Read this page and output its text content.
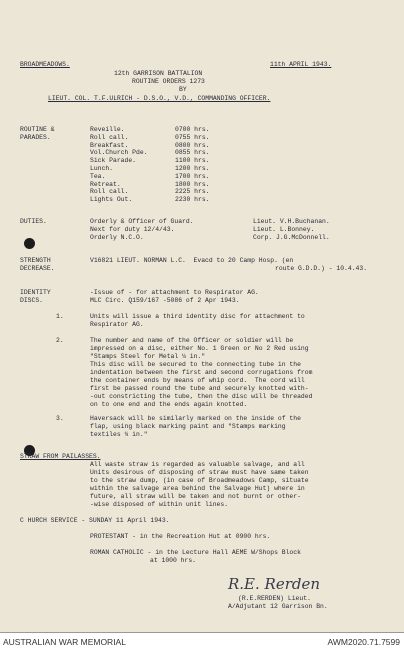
BROADMEADOWS.	11th APRIL 1943.
12th GARRISON BATTALION
ROUTINE ORDERS 1273
BY
LIEUT. COL. T.F.ULRICH - D.S.O., V.D., COMMANDING OFFICER.
ROUTINE &
PARADES.
Reveille.	0700 hrs.
Roll call.	0755 hrs.
Breakfast.	0800 hrs.
Vol.Church Pde.	0855 hrs.
Sick Parade.	1100 hrs.
Lunch.	1200 hrs.
Tea.	1700 hrs.
Retreat.	1800 hrs.
Roll call.	2225 hrs.
Lights Out.	2230 hrs.
DUTIES.	Orderly & Officer of Guard.	Lieut. V.H.Buchanan.
Next for duty 12/4/43.	Lieut. L.Bonney.
Orderly N.C.O.	Corp. J.G.McDonnell.
STRENGTH
DECREASE.
V16821 LIEUT. NORMAN L.C.  Evacd to 20 Camp Hosp. (en
route G.D.D.) - 10.4.43.
IDENTITY
DISCS.
-Issue of - for attachment to Respirator AG.
MLC Circ. Q159/167 -5086 of 2 Apr 1943.
1.	Units will issue a third identity disc for attachment to
Respirator AG.
2.	The number and name of the Officer or soldier will be
impressed on a disc, either No. 1 Green or No 2 Red using
"Stamps Steel for Metal ¼ in."
This disc will be secured to the connecting tube in the
indentation between the first and second corrugations from
the container ends by means of whip cord.  The cord will
first be passed round the tube and securely knotted with-
-out constricting the tube, then the disc will be threaded
on to one end and the ends again knotted.
3.	Haversack will be similarly marked on the inside of the
flap, using black marking paint and "Stamps marking
textiles ¼ in."
STRAW FROM PAILASSES.
All waste straw is regarded as valuable salvage, and all
Units desirous of disposing of straw must have same taken
to the straw dump, (in case of Broadmeadows Camp, situate
within the salvage area behind the Salvage Hut) where in
future, all straw will be taken and not burnt or other-
-wise disposed of within unit lines.
C HURCH SERVICE - SUNDAY 11 April 1943.
PROTESTANT - in the Recreation Hut at 0900 hrs.
ROMAN CATHOLIC - in the Lecture Hall AEME W/Shops Block
at 1000 hrs.
R.E. Rerden
(R.E.RERDEN) Lieut.
A/Adjutant 12 Garrison Bn.
AUSTRALIAN WAR MEMORIAL	AWM2020.71.7599
